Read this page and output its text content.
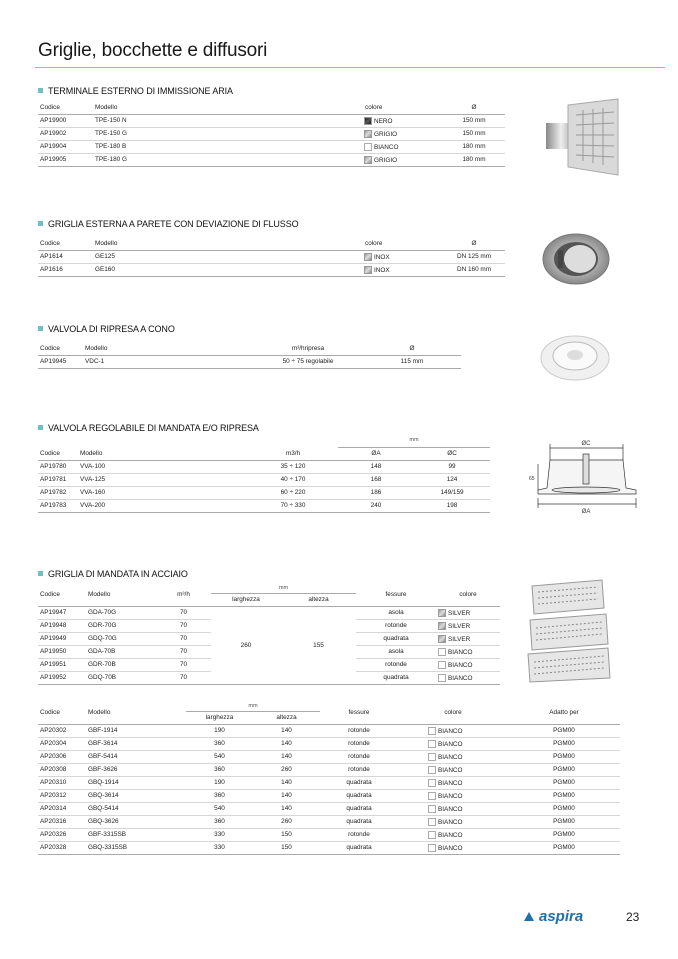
Griglie, bocchette e diffusori
TERMINALE ESTERNO DI IMMISSIONE ARIA
GRIGLIA ESTERNA A PARETE CON DEVIAZIONE DI FLUSSO
VALVOLA DI RIPRESA A CONO
VALVOLA REGOLABILE DI MANDATA E/O RIPRESA
GRIGLIA DI MANDATA IN ACCIAIO
Codice	Modello	colore	Ø
AP19900	TPE-150 N	NERO	150 mm
AP19902	TPE-150 G	GRIGIO	150 mm
AP19904	TPE-180 B	BIANCO	180 mm
AP19905	TPE-180 G	GRIGIO	180 mm
Codice	Modello	colore	Ø
AP1614	GE125	INOX	DN 125 mm
AP1616	GE160	INOX	DN 160 mm
Codice	Modello	m³/hripresa	Ø
AP19945	VDC-1	50 ÷ 75 regolabile	115 mm
			mm	
Codice	Modello	m3/h	ØA	ØC
AP19780	VVA-100	35 ÷ 120	148	99
AP19781	VVA-125	40 ÷ 170	168	124
AP19782	VVA-160	60 ÷ 220	186	149/159
AP19783	VVA-200	70 ÷ 330	240	198
Codice	Modello	m³/h	mm		fessure	colore
			larghezza	altezza		
AP19947	GDA-70G	70	260	155	asola	SILVER
AP19948	GDR-70G	70			rotonde	SILVER
AP19949	GDQ-70G	70			quadrata	SILVER
AP19950	GDA-70B	70			asola	BIANCO
AP19951	GDR-70B	70			rotonde	BIANCO
AP19952	GDQ-70B	70			quadrata	BIANCO
Codice	Modello	mm		fessure	colore	Adatto per
		larghezza	altezza			
AP20302	GBF-1914	190	140	rotonde	BIANCO	PGM00
AP20304	GBF-3614	360	140	rotonde	BIANCO	PGM00
AP20306	GBF-5414	540	140	rotonde	BIANCO	PGM00
AP20308	GBF-3626	360	260	rotonde	BIANCO	PGM00
AP20310	GBQ-1914	190	140	quadrata	BIANCO	PGM00
AP20312	GBQ-3614	360	140	quadrata	BIANCO	PGM00
AP20314	GBQ-5414	540	140	quadrata	BIANCO	PGM00
AP20316	GBQ-3626	360	260	quadrata	BIANCO	PGM00
AP20326	GBF-3315SB	330	150	rotonde	BIANCO	PGM00
AP20328	GBQ-3315SB	330	150	quadrata	BIANCO	PGM00
ØC
65
ØA
aspira	23
